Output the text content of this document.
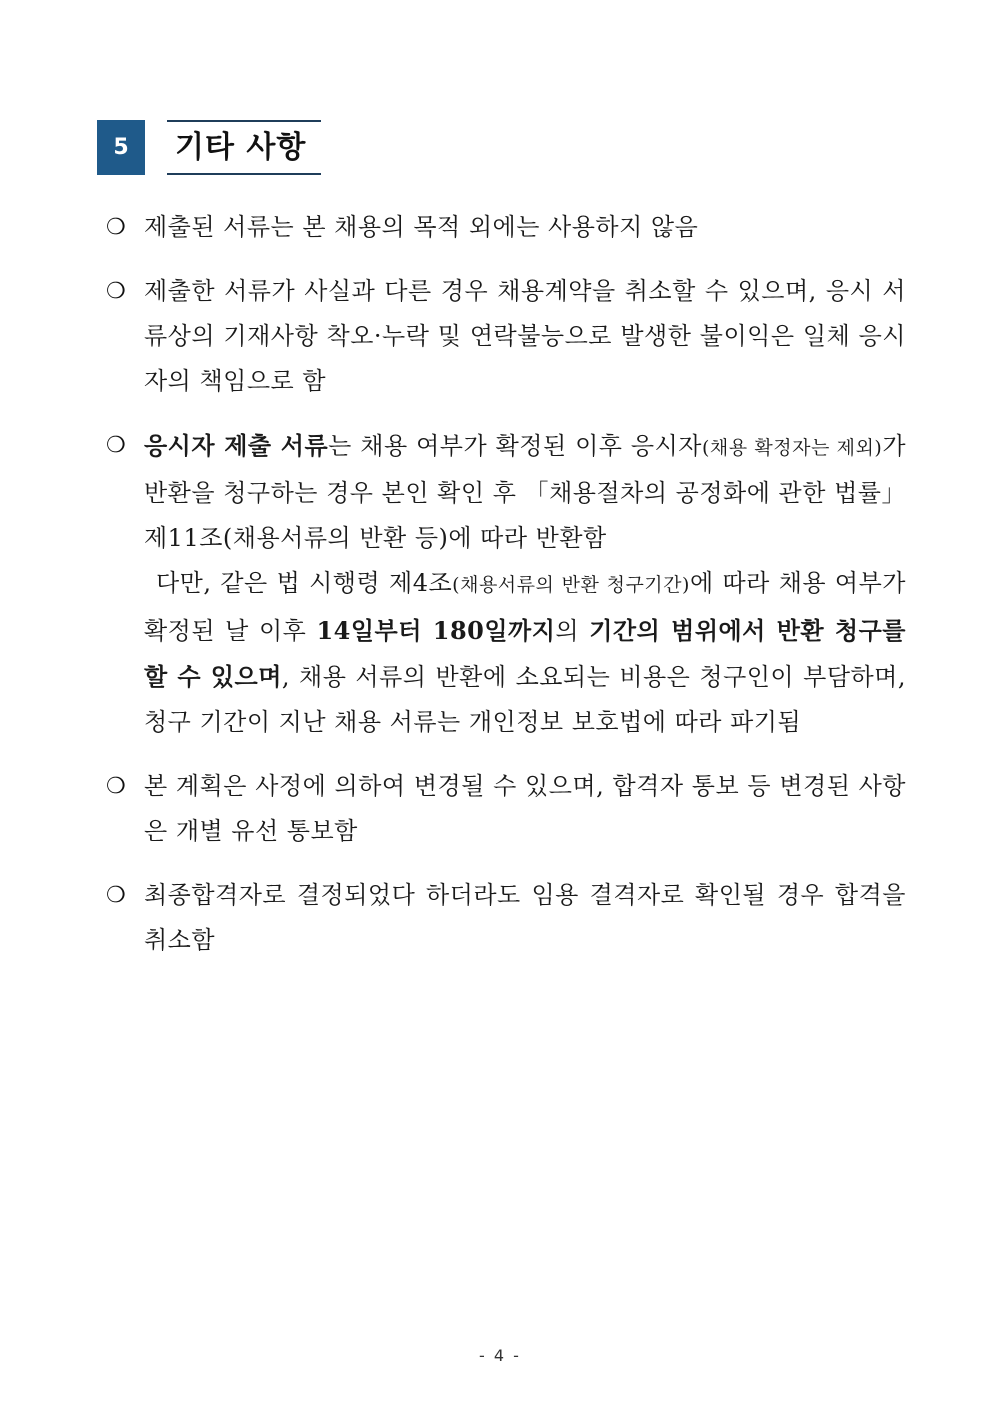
5	기타 사항
❍ 제출된 서류는 본 채용의 목적 외에는 사용하지 않음
❍ 제출한 서류가 사실과 다른 경우 채용계약을 취소할 수 있으며, 응시 서류상의 기재사항 착오·누락 및 연락불능으로 발생한 불이익은 일체 응시자의 책임으로 함
❍ 응시자 제출 서류는 채용 여부가 확정된 이후 응시자(채용 확정자는 제외)가 반환을 청구하는 경우 본인 확인 후 「채용절차의 공정화에 관한 법률」 제11조(채용서류의 반환 등)에 따라 반환함
다만, 같은 법 시행령 제4조(채용서류의 반환 청구기간)에 따라 채용 여부가 확정된 날 이후 14일부터 180일까지의 기간의 범위에서 반환 청구를 할 수 있으며, 채용 서류의 반환에 소요되는 비용은 청구인이 부담하며, 청구 기간이 지난 채용 서류는 개인정보 보호법에 따라 파기됨
❍ 본 계획은 사정에 의하여 변경될 수 있으며, 합격자 통보 등 변경된 사항은 개별 유선 통보함
❍ 최종합격자로 결정되었다 하더라도 임용 결격자로 확인될 경우 합격을 취소함
- 4 -
